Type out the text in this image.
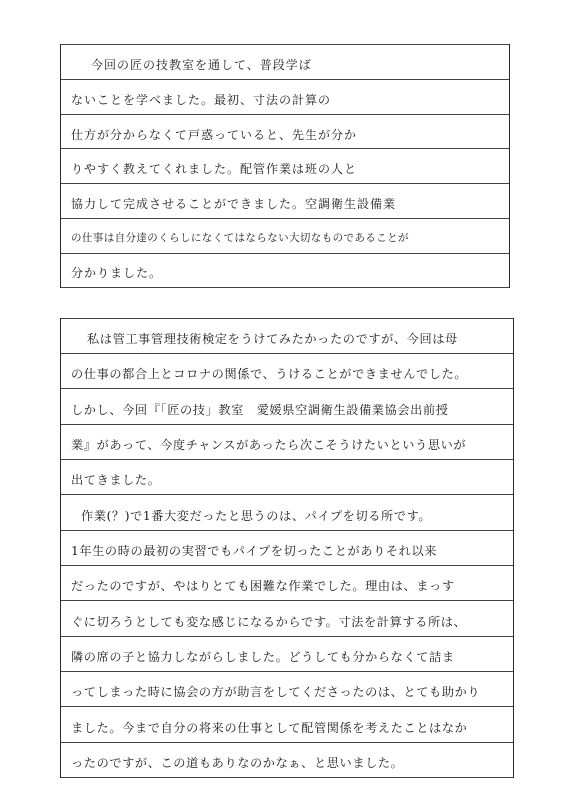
今回の匠の技教室を通して、普段学ば
ないことを学べました。最初、寸法の計算の
仕方が分からなくて戸惑っていると、先生が分か
りやすく教えてくれました。配管作業は班の人と
協力して完成させることができました。空調衛生設備業
の仕事は自分達のくらしになくてはならない大切なものであることが
分かりました。
私は管工事管理技術検定をうけてみたかったのですが、今回は母
の仕事の都合上とコロナの関係で、うけることができませんでした。
しかし、今回『「匠の技」教室　愛媛県空調衛生設備業協会出前授
業』があって、今度チャンスがあったら次こそうけたいという思いが
出てきました。
作業(？)で1番大変だったと思うのは、パイプを切る所です。
1年生の時の最初の実習でもパイプを切ったことがありそれ以来
だったのですが、やはりとても困難な作業でした。理由は、まっす
ぐに切ろうとしても変な感じになるからです。寸法を計算する所は、
隣の席の子と協力しながらしました。どうしても分からなくて詰ま
ってしまった時に協会の方が助言をしてくださったのは、とても助かり
ました。今まで自分の将来の仕事として配管関係を考えたことはなか
ったのですが、この道もありなのかなぁ、と思いました。
